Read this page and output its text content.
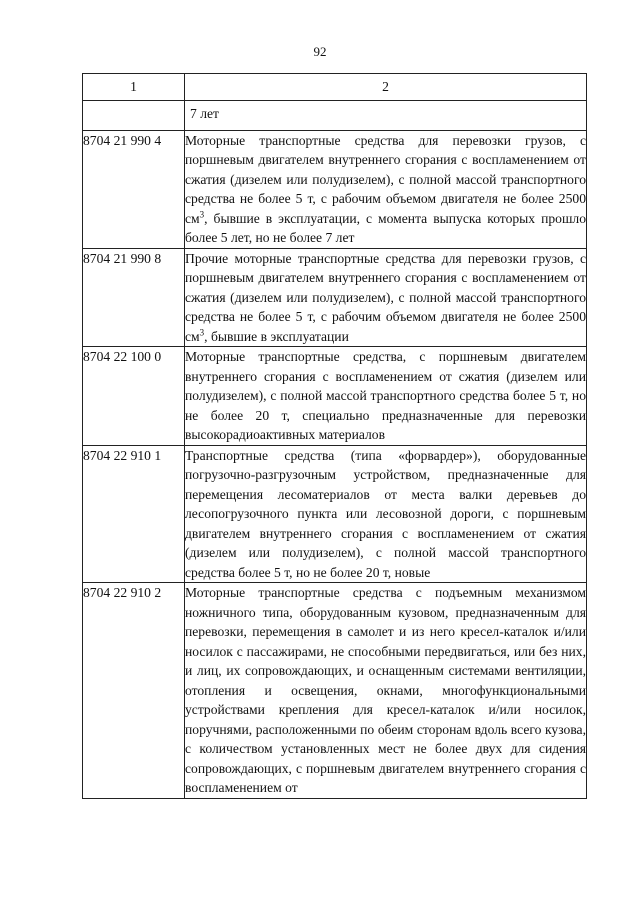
92
1	2
	7 лет
8704 21 990 4	Моторные транспортные средства для перевозки грузов, с поршневым двигателем внутреннего сгорания с воспламенением от сжатия (дизелем или полудизелем), с полной массой транспортного средства не более 5 т, с рабочим объемом двигателя не более 2500 $см^3$, бывшие в эксплуатации, с момента выпуска которых прошло более 5 лет, но не более 7 лет
8704 21 990 8	Прочие моторные транспортные средства для перевозки грузов, с поршневым двигателем внутреннего сгорания с воспламенением от сжатия (дизелем или полудизелем), с полной массой транспортного средства не более 5 т, с рабочим объемом двигателя не более 2500 $см^3$, бывшие в эксплуатации
8704 22 100 0	Моторные транспортные средства, с поршневым двигателем внутреннего сгорания с воспламенением от сжатия (дизелем или полудизелем), с полной массой транспортного средства более 5 т, но не более 20 т, специально предназначенные для перевозки высокорадиоактивных материалов
8704 22 910 1	Транспортные средства (типа «форвардер»), оборудованные погрузочно-разгрузочным устройством, предназначенные для перемещения лесоматериалов от места валки деревьев до лесопогрузочного пункта или лесовозной дороги, с поршневым двигателем внутреннего сгорания с воспламенением от сжатия (дизелем или полудизелем), с полной массой транспортного средства более 5 т, но не более 20 т, новые
8704 22 910 2	Моторные транспортные средства с подъемным механизмом ножничного типа, оборудованным кузовом, предназначенным для перевозки, перемещения в самолет и из него кресел-каталок и/или носилок с пассажирами, не способными передвигаться, или без них, и лиц, их сопровождающих, и оснащенным системами вентиляции, отопления и освещения, окнами, многофункциональными устройствами крепления для кресел-каталок и/или носилок, поручнями, расположенными по обеим сторонам вдоль всего кузова, с количеством установленных мест не более двух для сидения сопровождающих, с поршневым двигателем внутреннего сгорания с воспламенением от
